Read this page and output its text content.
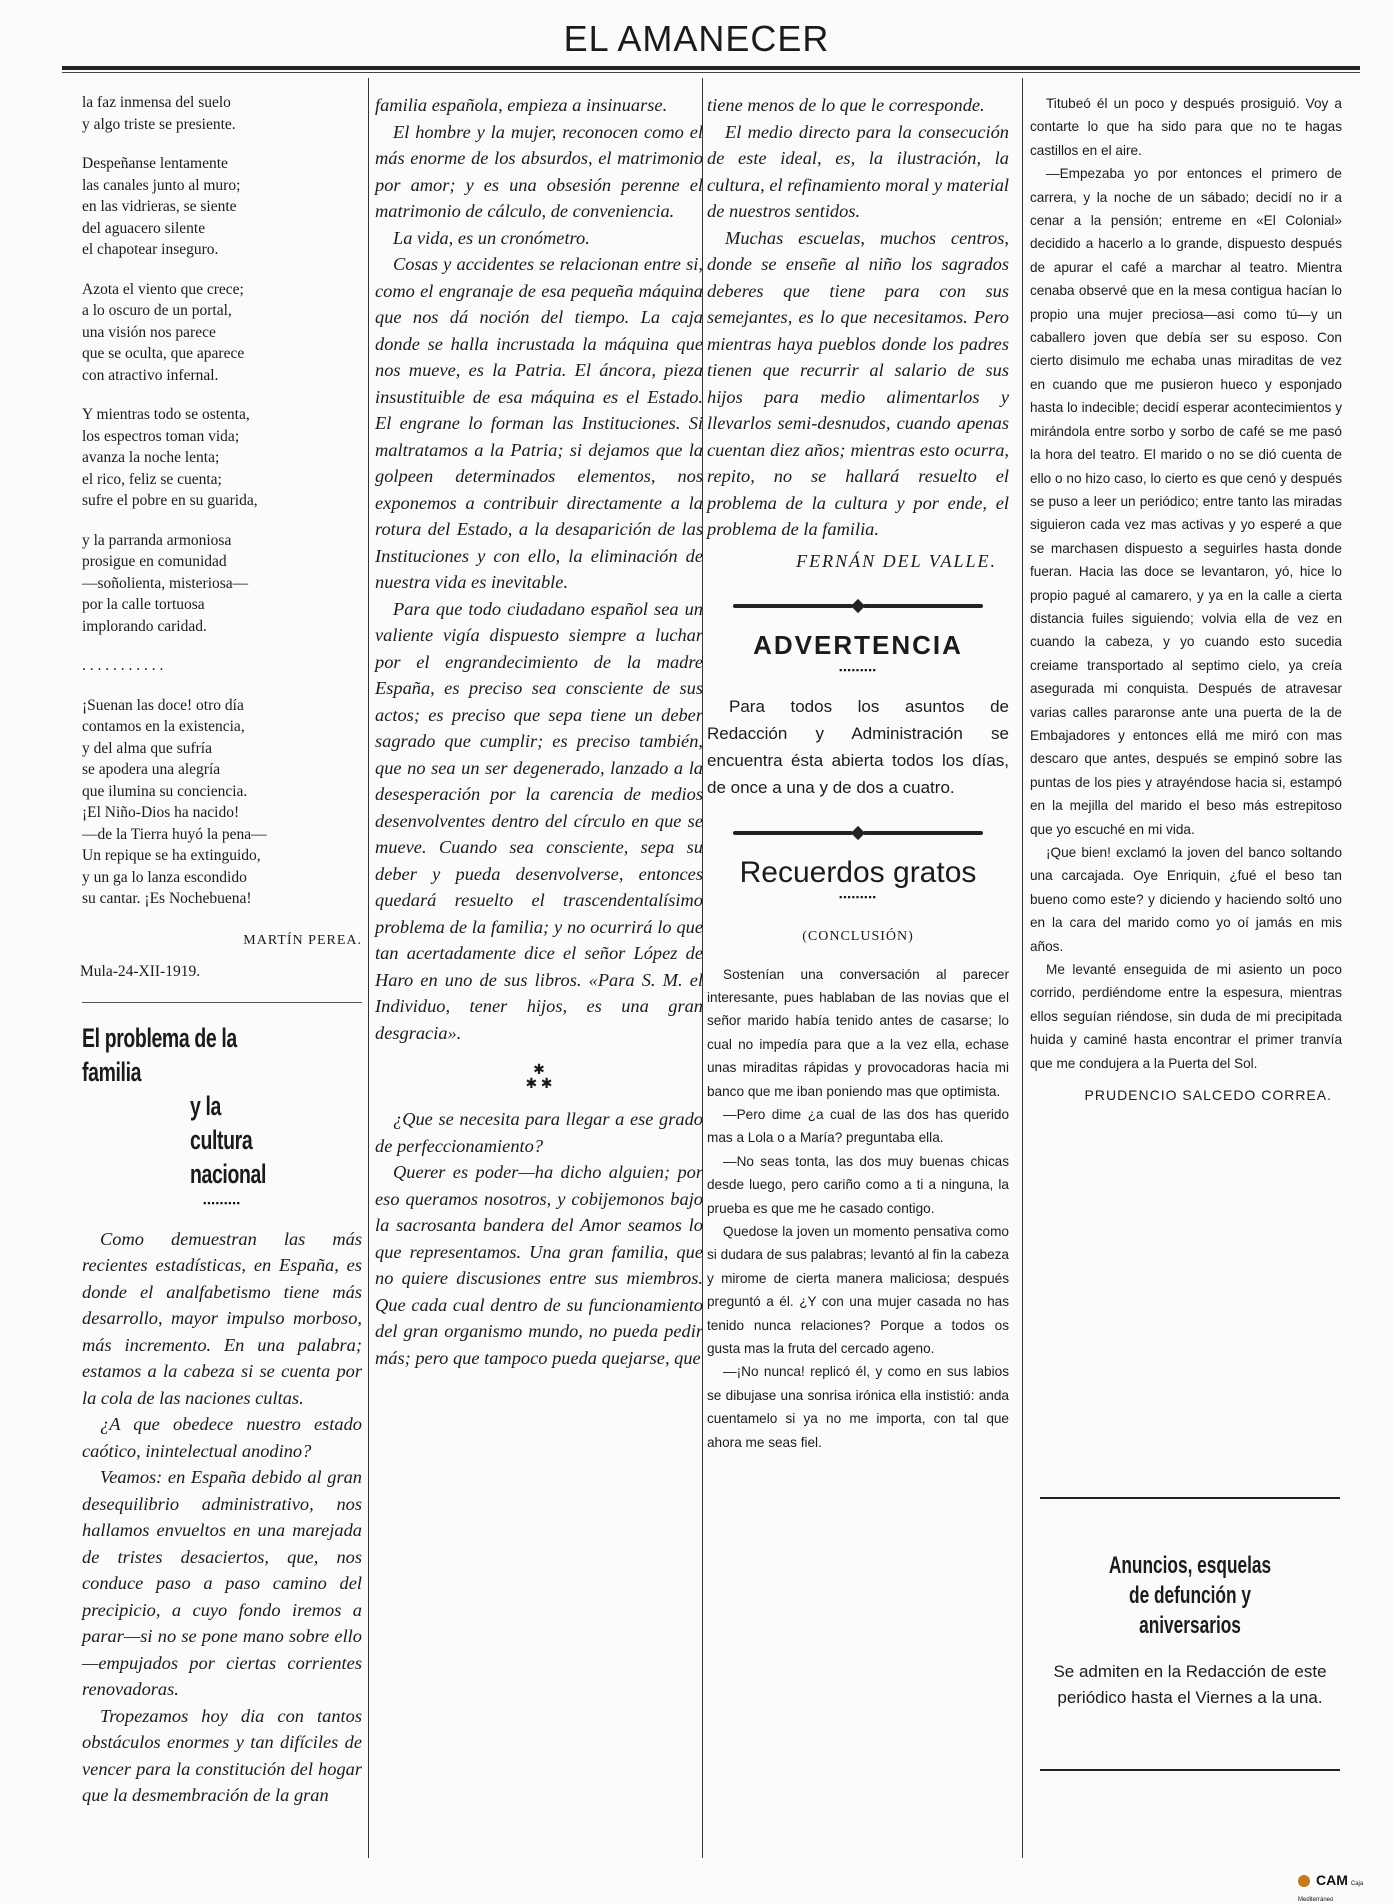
EL AMANECER

la faz inmensa del suelo
y algo triste se presiente.

Despeñanse lentamente
las canales junto al muro;
en las vidrieras, se siente
del aguacero silente
el chapotear inseguro.

Azota el viento que crece;
a lo oscuro de un portal,
una visión nos parece
que se oculta, que aparece
con atractivo infernal.

Y mientras todo se ostenta,
los espectros toman vida;
avanza la noche lenta;
el rico, feliz se cuenta;
sufre el pobre en su guarida,

y la parranda armoniosa
prosigue en comunidad
—soñolienta, misteriosa—
por la calle tortuosa
implorando caridad.

. . . . . . . . . . .

¡Suenan las doce! otro día
contamos en la existencia,
y del alma que sufría
se apodera una alegría
que ilumina su conciencia.
¡El Niño-Dios ha nacido!
—de la Tierra huyó la pena—
Un repique se ha extinguido,
y un ga lo lanza escondido
su cantar. ¡Es Nochebuena!

MARTÍN PEREA.

Mula-24-XII-1919.

El problema de la familia
y la cultura nacional
▪▪▪▪▪▪▪▪▪

Como demuestran las más recientes estadísticas, en España, es donde el analfabetismo tiene más desarrollo, mayor impulso morboso, más incremento. En una palabra; estamos a la cabeza si se cuenta por la cola de las naciones cultas.

¿A que obedece nuestro estado caótico, inintelectual anodino?

Veamos: en España debido al gran desequilibrio administrativo, nos hallamos envueltos en una marejada de tristes desaciertos, que, nos conduce paso a paso camino del precipicio, a cuyo fondo iremos a parar—si no se pone mano sobre ello—empujados por ciertas corrientes renovadoras.

Tropezamos hoy dia con tantos obstáculos enormes y tan difíciles de vencer para la constitución del hogar que la desmembración de la gran

familia española, empieza a insinuarse.

El hombre y la mujer, reconocen como el más enorme de los absurdos, el matrimonio por amor; y es una obsesión perenne el matrimonio de cálculo, de conveniencia.

La vida, es un cronómetro.

Cosas y accidentes se relacionan entre si, como el engranaje de esa pequeña máquina que nos dá noción del tiempo. La caja donde se halla incrustada la máquina que nos mueve, es la Patria. El áncora, pieza insustituible de esa máquina es el Estado. El engrane lo forman las Instituciones. Si maltratamos a la Patria; si dejamos que la golpeen determinados elementos, nos exponemos a contribuir directamente a la rotura del Estado, a la desaparición de las Instituciones y con ello, la eliminación de nuestra vida es inevitable.

Para que todo ciudadano español sea un valiente vigía dispuesto siempre a luchar por el engrandecimiento de la madre España, es preciso sea consciente de sus actos; es preciso que sepa tiene un deber sagrado que cumplir; es preciso también, que no sea un ser degenerado, lanzado a la desesperación por la carencia de medios desenvolventes dentro del círculo en que se mueve. Cuando sea consciente, sepa su deber y pueda desenvolverse, entonces quedará resuelto el trascendentalísimo problema de la familia; y no ocurrirá lo que tan acertadamente dice el señor López de Haro en uno de sus libros. «Para S. M. el Individuo, tener hijos, es una gran desgracia».

✱
✱ ✱

¿Que se necesita para llegar a ese grado de perfeccionamiento?

Querer es poder—ha dicho alguien; por eso queramos nosotros, y cobijemonos bajo la sacrosanta bandera del Amor seamos lo que representamos. Una gran familia, que no quiere discusiones entre sus miembros. Que cada cual dentro de su funcionamiento del gran organismo mundo, no pueda pedir más; pero que tampoco pueda quejarse, que

tiene menos de lo que le corresponde.

El medio directo para la consecución de este ideal, es, la ilustración, la cultura, el refinamiento moral y material de nuestros sentidos.

Muchas escuelas, muchos centros, donde se enseñe al niño los sagrados deberes que tiene para con sus semejantes, es lo que necesitamos. Pero mientras haya pueblos donde los padres tienen que recurrir al salario de sus hijos para medio alimentarlos y llevarlos semi-desnudos, cuando apenas cuentan diez años; mientras esto ocurra, repito, no se hallará resuelto el problema de la cultura y por ende, el problema de la familia.

FERNÁN DEL VALLE.

ADVERTENCIA

▪▪▪▪▪▪▪▪▪

Para todos los asuntos de Redacción y Administración se encuentra ésta abierta todos los días, de once a una y de dos a cuatro.

Recuerdos gratos

▪▪▪▪▪▪▪▪▪

(CONCLUSIÓN)

Sostenían una conversación al parecer interesante, pues hablaban de las novias que el señor marido había tenido antes de casarse; lo cual no impedía para que a la vez ella, echase unas miraditas rápidas y provocadoras hacia mi banco que me iban poniendo mas que optimista.

—Pero dime ¿a cual de las dos has querido mas a Lola o a María? preguntaba ella.

—No seas tonta, las dos muy buenas chicas desde luego, pero cariño como a ti a ninguna, la prueba es que me he casado contigo.

Quedose la joven un momento pensativa como si dudara de sus palabras; levantó al fin la cabeza y mirome de cierta manera maliciosa; después preguntó a él. ¿Y con una mujer casada no has tenido nunca relaciones? Porque a todos os gusta mas la fruta del cercado ageno.

—¡No nunca! replicó él, y como en sus labios se dibujase una sonrisa irónica ella instistió: anda cuentamelo si ya no me importa, con tal que ahora me seas fiel.

Titubeó él un poco y después prosiguió. Voy a contarte lo que ha sido para que no te hagas castillos en el aire.

—Empezaba yo por entonces el primero de carrera, y la noche de un sábado; decidí no ir a cenar a la pensión; entreme en «El Colonial» decidido a hacerlo a lo grande, dispuesto después de apurar el café a marchar al teatro. Mientra cenaba observé que en la mesa contigua hacían lo propio una mujer preciosa—asi como tú—y un caballero joven que debía ser su esposo. Con cierto disimulo me echaba unas miraditas de vez en cuando que me pusieron hueco y esponjado hasta lo indecible; decidí esperar acontecimientos y mirándola entre sorbo y sorbo de café se me pasó la hora del teatro. El marido o no se dió cuenta de ello o no hizo caso, lo cierto es que cenó y después se puso a leer un periódico; entre tanto las miradas siguieron cada vez mas activas y yo esperé a que se marchasen dispuesto a seguirles hasta donde fueran. Hacia las doce se levantaron, yó, hice lo propio pagué al camarero, y ya en la calle a cierta distancia fuiles siguiendo; volvia ella de vez en cuando la cabeza, y yo cuando esto sucedia creiame transportado al septimo cielo, ya creía asegurada mi conquista. Después de atravesar varias calles pararonse ante una puerta de la de Embajadores y entonces ellá me miró con mas descaro que antes, después se empinó sobre las puntas de los pies y atrayéndose hacia si, estampó en la mejilla del marido el beso más estrepitoso que yo escuché en mi vida.

¡Que bien! exclamó la joven del banco soltando una carcajada. Oye Enriquin, ¿fué el beso tan bueno como este? y diciendo y haciendo soltó uno en la cara del marido como yo oí jamás en mis años.

Me levanté enseguida de mi asiento un poco corrido, perdiéndome entre la espesura, mientras ellos seguían riéndose, sin duda de mi precipitada huida y caminé hasta encontrar el primer tranvía que me condujera a la Puerta del Sol.

PRUDENCIO SALCEDO CORREA.

Anuncios, esquelas
de defunción y aniversarios

Se admiten en la Redacción de este periódico hasta el Viernes a la una.

CAM Caja Mediterráneo
